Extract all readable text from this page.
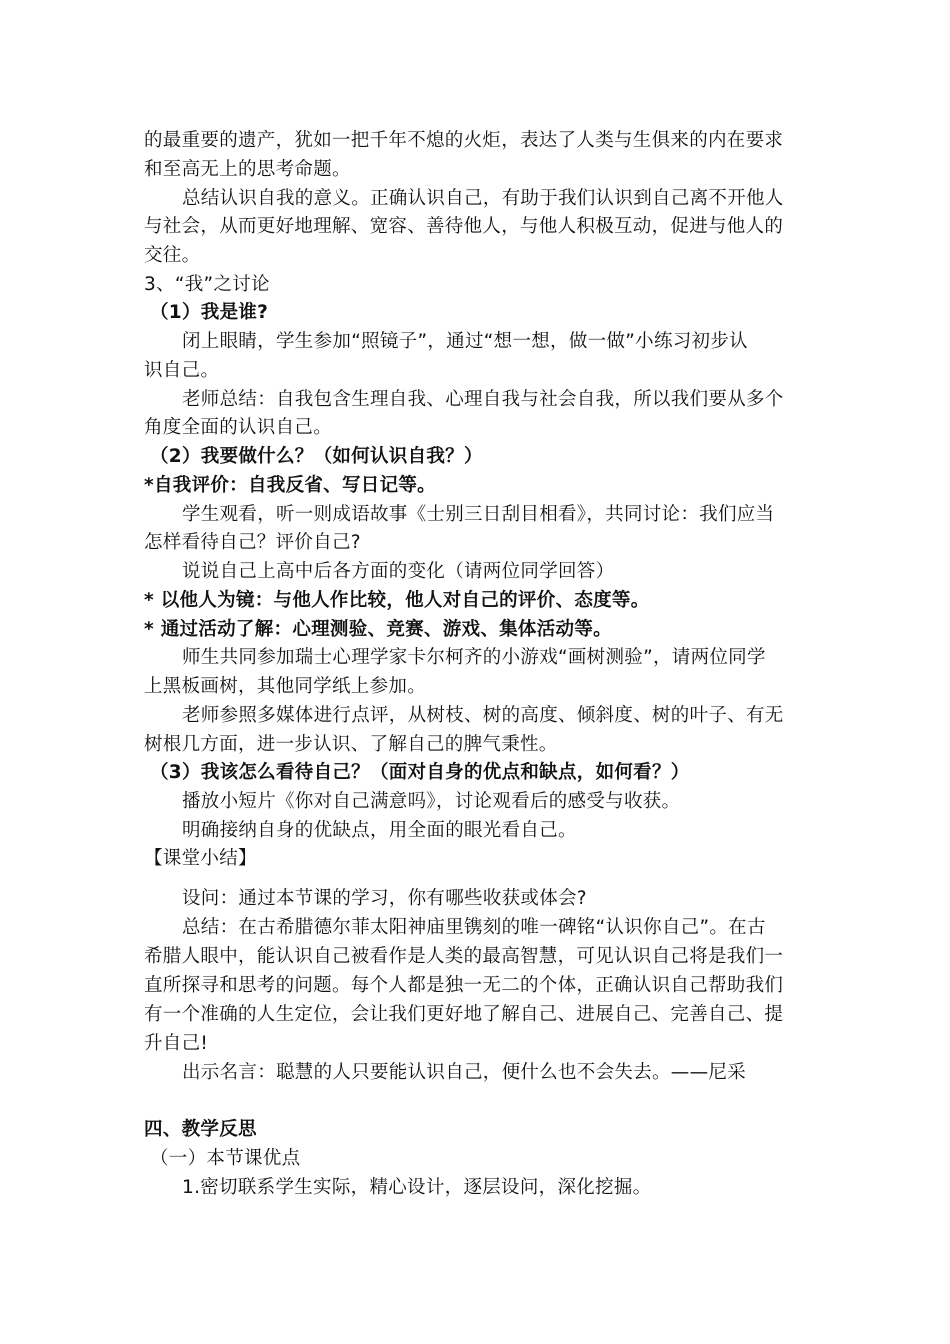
的最重要的遗产，犹如一把千年不熄的火炬，表达了人类与生俱来的内在要求
和至高无上的思考命题。
总结认识自我的意义。正确认识自己，有助于我们认识到自己离不开他人
与社会，从而更好地理解、宽容、善待他人，与他人积极互动，促进与他人的
交往。
3、“我”之讨论
（1）我是谁?
闭上眼睛，学生参加“照镜子”，通过“想一想，做一做”小练习初步认
识自己。
老师总结：自我包含生理自我、心理自我与社会自我，所以我们要从多个
角度全面的认识自己。
（2）我要做什么？（如何认识自我？）
*自我评价：自我反省、写日记等。
学生观看，听一则成语故事《士别三日刮目相看》，共同讨论：我们应当
怎样看待自己？评价自己?
说说自己上高中后各方面的变化（请两位同学回答）
* 以他人为镜：与他人作比较，他人对自己的评价、态度等。
* 通过活动了解：心理测验、竞赛、游戏、集体活动等。
师生共同参加瑞士心理学家卡尔柯齐的小游戏“画树测验”，请两位同学
上黑板画树，其他同学纸上参加。
老师参照多媒体进行点评，从树枝、树的高度、倾斜度、树的叶子、有无
树根几方面，进一步认识、了解自己的脾气秉性。
（3）我该怎么看待自己？（面对自身的优点和缺点，如何看？）
播放小短片《你对自己满意吗》，讨论观看后的感受与收获。
明确接纳自身的优缺点，用全面的眼光看自己。
【课堂小结】
设问：通过本节课的学习，你有哪些收获或体会?
总结：在古希腊德尔菲太阳神庙里镌刻的唯一碑铭“认识你自己”。在古
希腊人眼中，能认识自己被看作是人类的最高智慧，可见认识自己将是我们一
直所探寻和思考的问题。每个人都是独一无二的个体，正确认识自己帮助我们
有一个准确的人生定位，会让我们更好地了解自己、进展自己、完善自己、提
升自己!
出示名言：聪慧的人只要能认识自己，便什么也不会失去。——尼采
四、教学反思
（一）本节课优点
1.密切联系学生实际，精心设计，逐层设问，深化挖掘。
